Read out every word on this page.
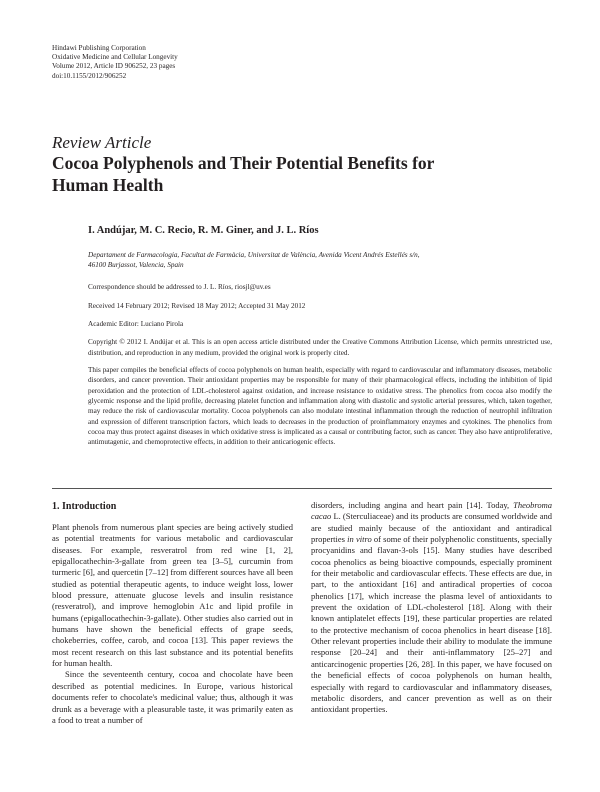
Hindawi Publishing Corporation
Oxidative Medicine and Cellular Longevity
Volume 2012, Article ID 906252, 23 pages
doi:10.1155/2012/906252
Review Article
Cocoa Polyphenols and Their Potential Benefits for
Human Health
I. Andújar, M. C. Recio, R. M. Giner, and J. L. Ríos
Departament de Farmacologia, Facultat de Farmàcia, Universitat de València, Avenida Vicent Andrés Estellés s/n,
46100 Burjassot, Valencia, Spain
Correspondence should be addressed to J. L. Ríos, riosjl@uv.es
Received 14 February 2012; Revised 18 May 2012; Accepted 31 May 2012
Academic Editor: Luciano Pirola
Copyright © 2012 I. Andújar et al. This is an open access article distributed under the Creative Commons Attribution License, which permits unrestricted use, distribution, and reproduction in any medium, provided the original work is properly cited.
This paper compiles the beneficial effects of cocoa polyphenols on human health, especially with regard to cardiovascular and inflammatory diseases, metabolic disorders, and cancer prevention. Their antioxidant properties may be responsible for many of their pharmacological effects, including the inhibition of lipid peroxidation and the protection of LDL-cholesterol against oxidation, and increase resistance to oxidative stress. The phenolics from cocoa also modify the glycemic response and the lipid profile, decreasing platelet function and inflammation along with diastolic and systolic arterial pressures, which, taken together, may reduce the risk of cardiovascular mortality. Cocoa polyphenols can also modulate intestinal inflammation through the reduction of neutrophil infiltration and expression of different transcription factors, which leads to decreases in the production of proinflammatory enzymes and cytokines. The phenolics from cocoa may thus protect against diseases in which oxidative stress is implicated as a causal or contributing factor, such as cancer. They also have antiproliferative, antimutagenic, and chemoprotective effects, in addition to their anticariogenic effects.
1. Introduction

Plant phenols from numerous plant species are being actively studied as potential treatments for various metabolic and cardiovascular diseases. For example, resveratrol from red wine [1, 2], epigallocathechin-3-gallate from green tea [3–5], curcumin from turmeric [6], and quercetin [7–12] from different sources have all been studied as potential therapeutic agents, to induce weight loss, lower blood pressure, attenuate glucose levels and insulin resistance (resveratrol), and improve hemoglobin A1c and lipid profile in humans (epigallocathechin-3-gallate). Other studies also carried out in humans have shown the beneficial effects of grape seeds, chokeberries, coffee, carob, and cocoa [13]. This paper reviews the most recent research on this last substance and its potential benefits for human health.

Since the seventeenth century, cocoa and chocolate have been described as potential medicines. In Europe, various historical documents refer to chocolate's medicinal value; thus, although it was drunk as a beverage with a pleasurable taste, it was primarily eaten as a food to treat a number of

disorders, including angina and heart pain [14]. Today, Theobroma cacao L. (Sterculiaceae) and its products are consumed worldwide and are studied mainly because of the antioxidant and antiradical properties in vitro of some of their polyphenolic constituents, specially procyanidins and flavan-3-ols [15]. Many studies have described cocoa phenolics as being bioactive compounds, especially prominent for their metabolic and cardiovascular effects. These effects are due, in part, to the antioxidant [16] and antiradical properties of cocoa phenolics [17], which increase the plasma level of antioxidants to prevent the oxidation of LDL-cholesterol [18]. Along with their known antiplatelet effects [19], these particular properties are related to the protective mechanism of cocoa phenolics in heart disease [18]. Other relevant properties include their ability to modulate the immune response [20–24] and their anti-inflammatory [25–27] and anticarcinogenic properties [26, 28]. In this paper, we have focused on the beneficial effects of cocoa polyphenols on human health, especially with regard to cardiovascular and inflammatory diseases, metabolic disorders, and cancer prevention as well as on their antioxidant properties.
